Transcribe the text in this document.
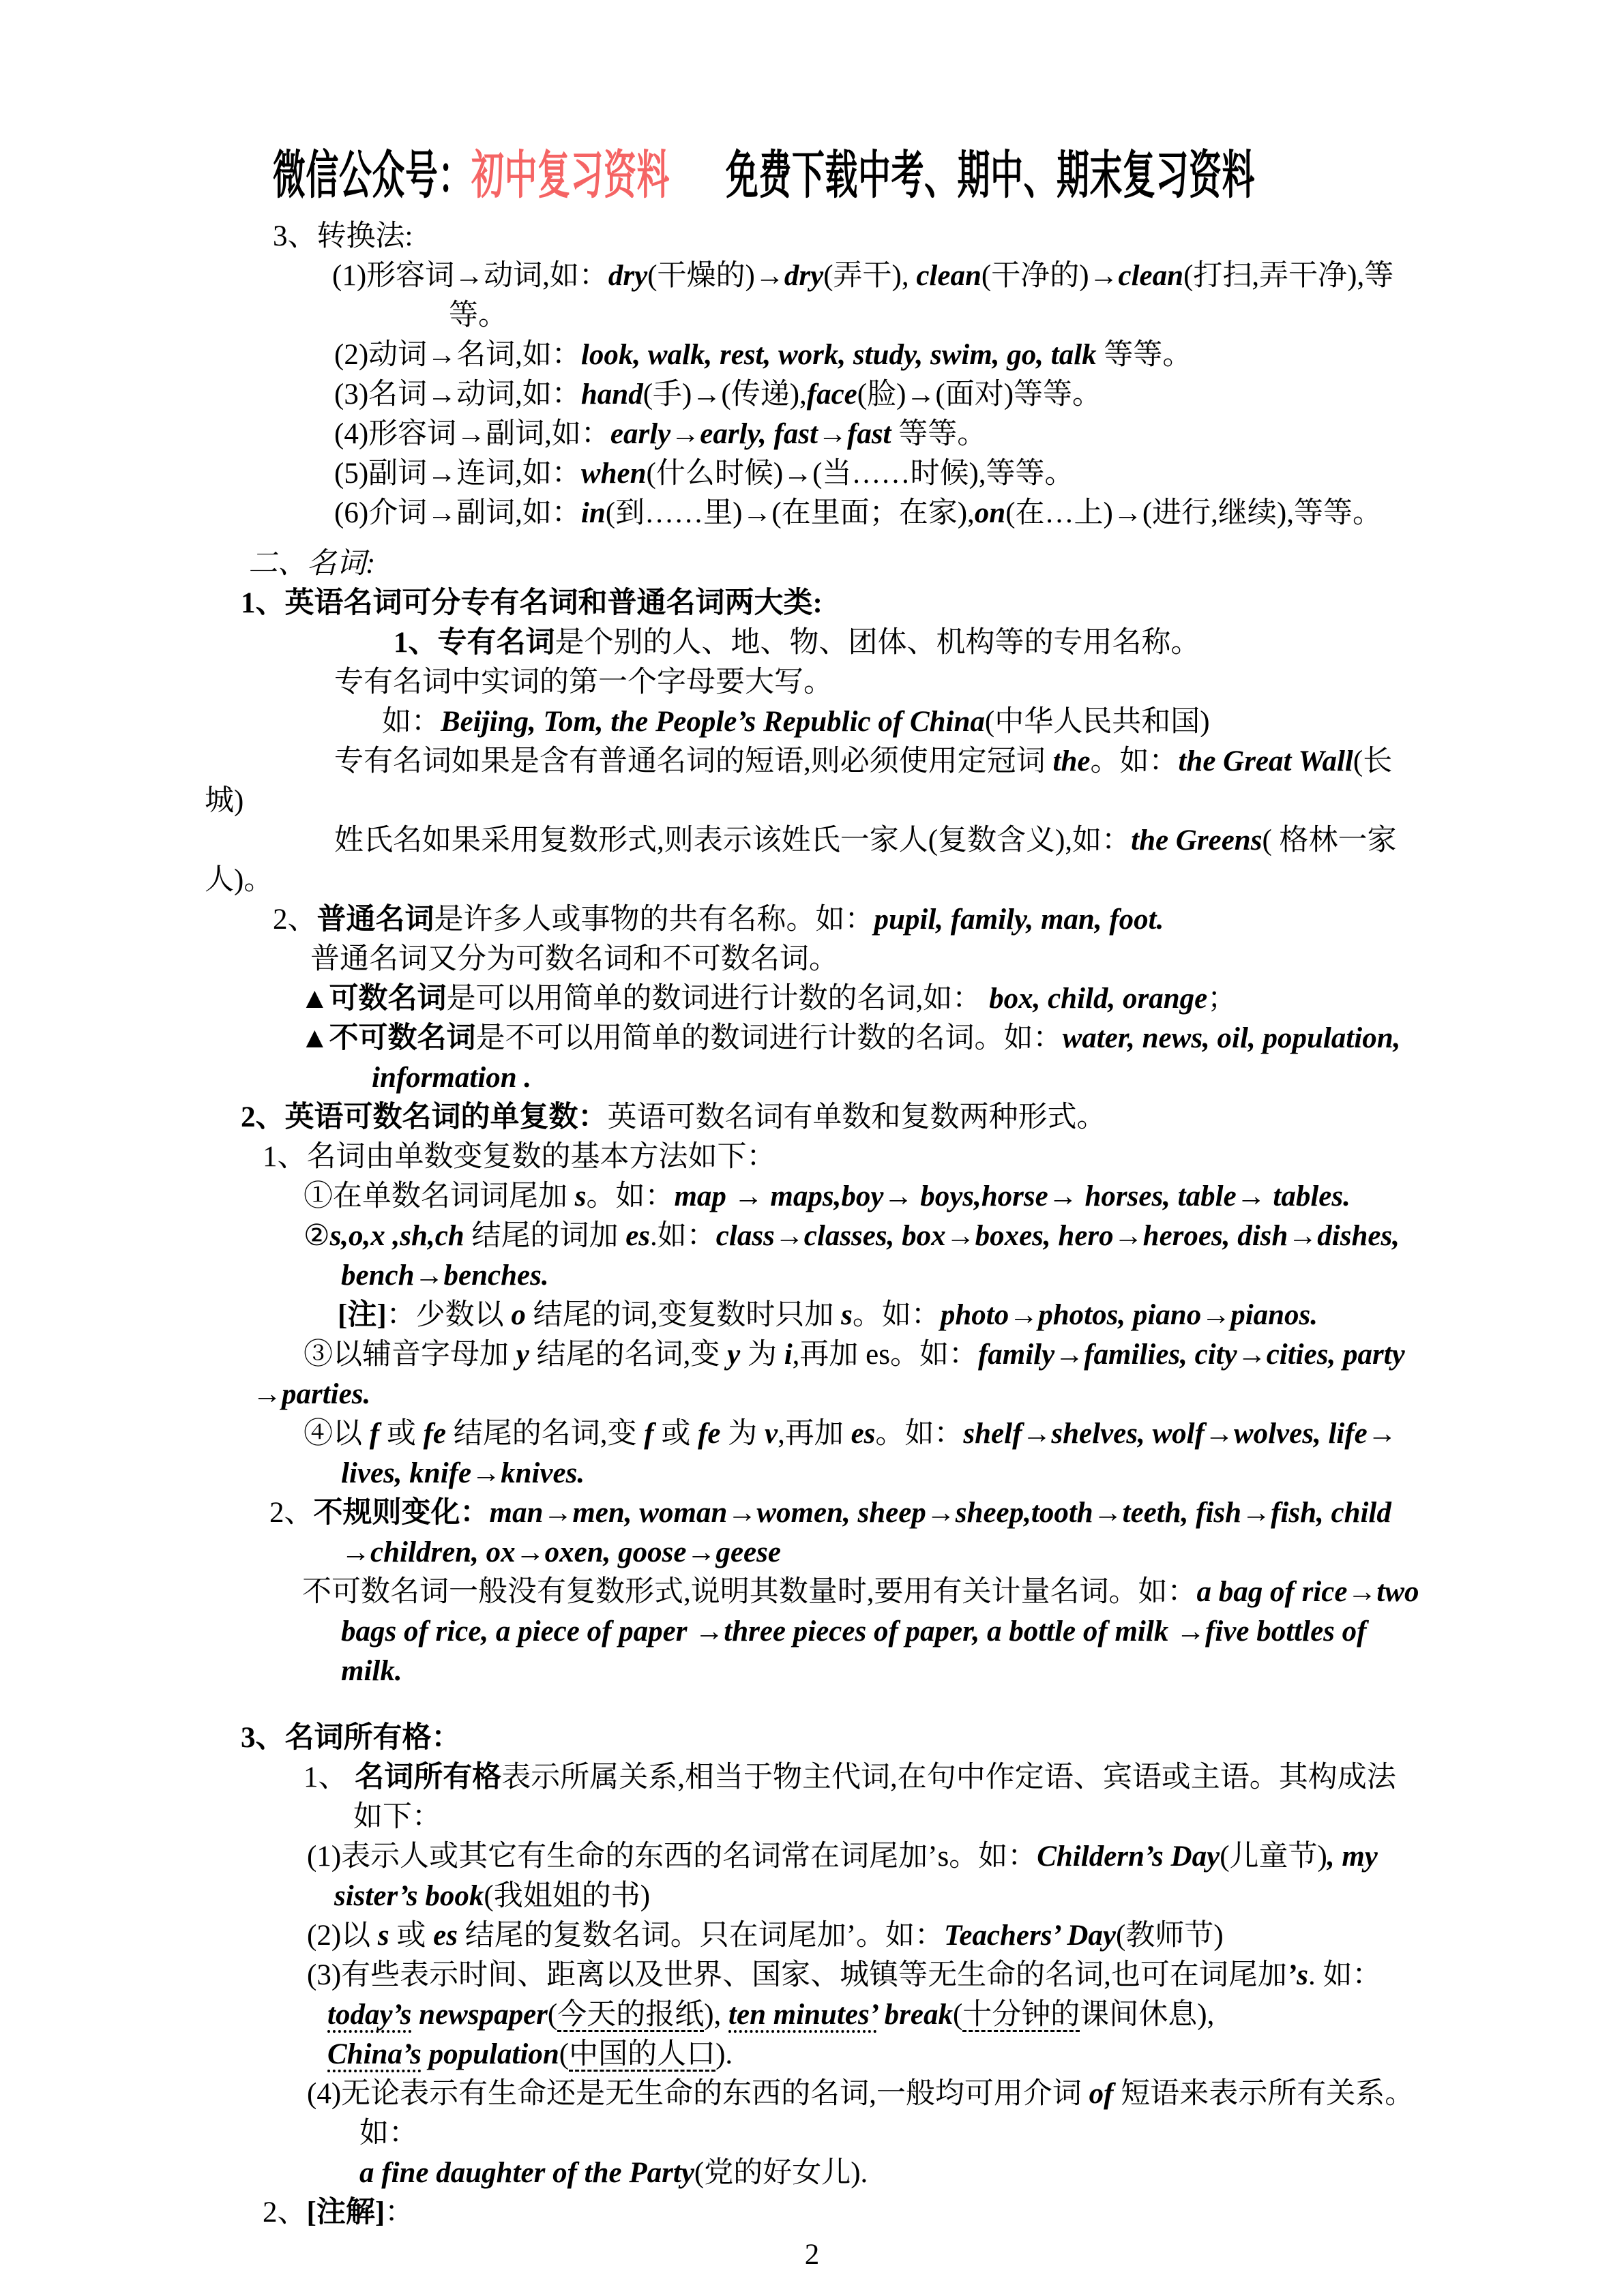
微信公众号：初中复习资料 免费下载中考、期中、期末复习资料
3、转换法:
(1)形容词→动词,如：dry(干燥的)→dry(弄干), clean(干净的)→clean(打扫,弄干净),等
等。
(2)动词→名词,如：look, walk, rest, work, study, swim, go, talk 等等。
(3)名词→动词,如：hand(手)→(传递),face(脸)→(面对)等等。
(4)形容词→副词,如：early→early, fast→fast 等等。
(5)副词→连词,如：when(什么时候)→(当……时候),等等。
(6)介词→副词,如：in(到……里)→(在里面；在家),on(在…上)→(进行,继续),等等。
二、名词:
1、英语名词可分专有名词和普通名词两大类:
1、专有名词是个别的人、地、物、团体、机构等的专用名称。
专有名词中实词的第一个字母要大写。
如：Beijing, Tom, the People’s Republic of China(中华人民共和国)
专有名词如果是含有普通名词的短语,则必须使用定冠词 the。如：the Great Wall(长
城)
姓氏名如果采用复数形式,则表示该姓氏一家人(复数含义),如：the Greens( 格林一家
人)。
2、普通名词是许多人或事物的共有名称。如：pupil, family, man, foot.
普通名词又分为可数名词和不可数名词。
▲可数名词是可以用简单的数词进行计数的名词,如： box, child, orange；
▲不可数名词是不可以用简单的数词进行计数的名词。如：water, news, oil, population,
information .
2、英语可数名词的单复数：英语可数名词有单数和复数两种形式。
1、名词由单数变复数的基本方法如下：
①在单数名词词尾加 s。如：map → maps,boy→ boys,horse→ horses, table→ tables.
②s,o,x ,sh,ch 结尾的词加 es.如：class→classes, box→boxes, hero→heroes, dish→dishes,
bench→benches.
[注]：少数以 o 结尾的词,变复数时只加 s。如：photo→photos, piano→pianos.
③以辅音字母加 y 结尾的名词,变 y 为 i,再加 es。如：family→families, city→cities, party
→parties.
④以 f 或 fe 结尾的名词,变 f 或 fe 为 v,再加 es。如：shelf→shelves, wolf→wolves, life→
lives, knife→knives.
2、不规则变化：man→men, woman→women, sheep→sheep,tooth→teeth, fish→fish, child
→children, ox→oxen, goose→geese
不可数名词一般没有复数形式,说明其数量时,要用有关计量名词。如：a bag of rice→two
bags of rice, a piece of paper →three pieces of paper, a bottle of milk →five bottles of
milk.
3、名词所有格：
1、 名词所有格表示所属关系,相当于物主代词,在句中作定语、宾语或主语。其构成法
如下：
(1)表示人或其它有生命的东西的名词常在词尾加’s。如：Childern’s Day(儿童节), my
sister’s book(我姐姐的书)
(2)以 s 或 es 结尾的复数名词。只在词尾加’。如：Teachers’ Day(教师节)
(3)有些表示时间、距离以及世界、国家、城镇等无生命的名词,也可在词尾加’s. 如：
today’s newspaper(今天的报纸), ten minutes’ break(十分钟的课间休息),
China’s population(中国的人口).
(4)无论表示有生命还是无生命的东西的名词,一般均可用介词 of 短语来表示所有关系。
如：
a fine daughter of the Party(党的好女儿).
2、[注解]：
2
